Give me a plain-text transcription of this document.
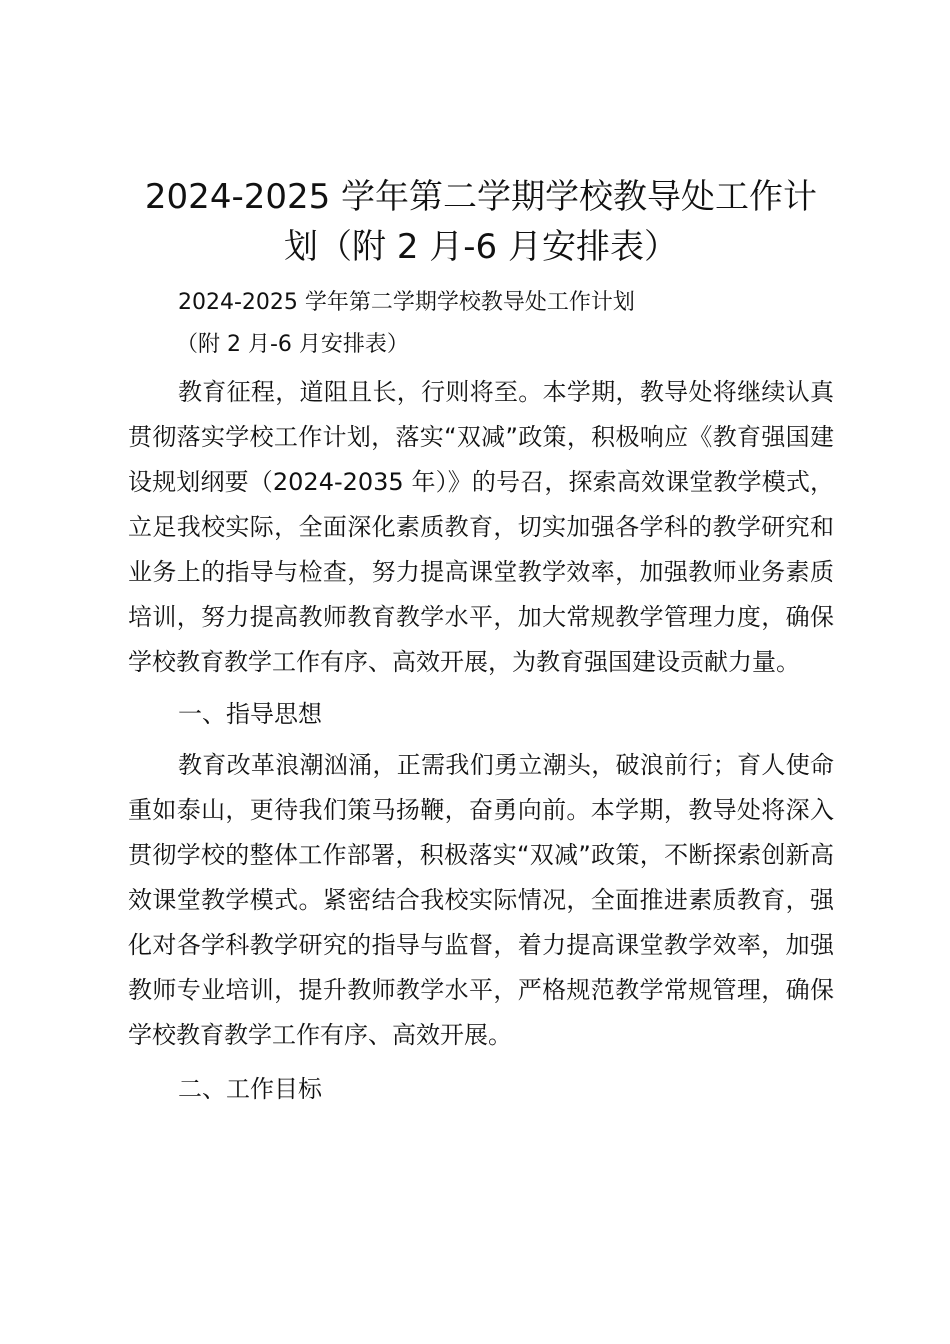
2024-2025 学年第二学期学校教导处工作计划（附 2 月-6 月安排表）

2024-2025 学年第二学期学校教导处工作计划

（附 2 月-6 月安排表）

教育征程，道阻且长，行则将至。本学期，教导处将继续认真贯彻落实学校工作计划，落实“双减”政策，积极响应《教育强国建设规划纲要（2024-2035 年）》的号召，探索高效课堂教学模式，立足我校实际，全面深化素质教育，切实加强各学科的教学研究和业务上的指导与检查，努力提高课堂教学效率，加强教师业务素质培训，努力提高教师教育教学水平，加大常规教学管理力度，确保学校教育教学工作有序、高效开展，为教育强国建设贡献力量。

一、指导思想

教育改革浪潮汹涌，正需我们勇立潮头，破浪前行；育人使命重如泰山，更待我们策马扬鞭，奋勇向前。本学期，教导处将深入贯彻学校的整体工作部署，积极落实“双减”政策，不断探索创新高效课堂教学模式。紧密结合我校实际情况，全面推进素质教育，强化对各学科教学研究的指导与监督，着力提高课堂教学效率，加强教师专业培训，提升教师教学水平，严格规范教学常规管理，确保学校教育教学工作有序、高效开展。

二、工作目标
